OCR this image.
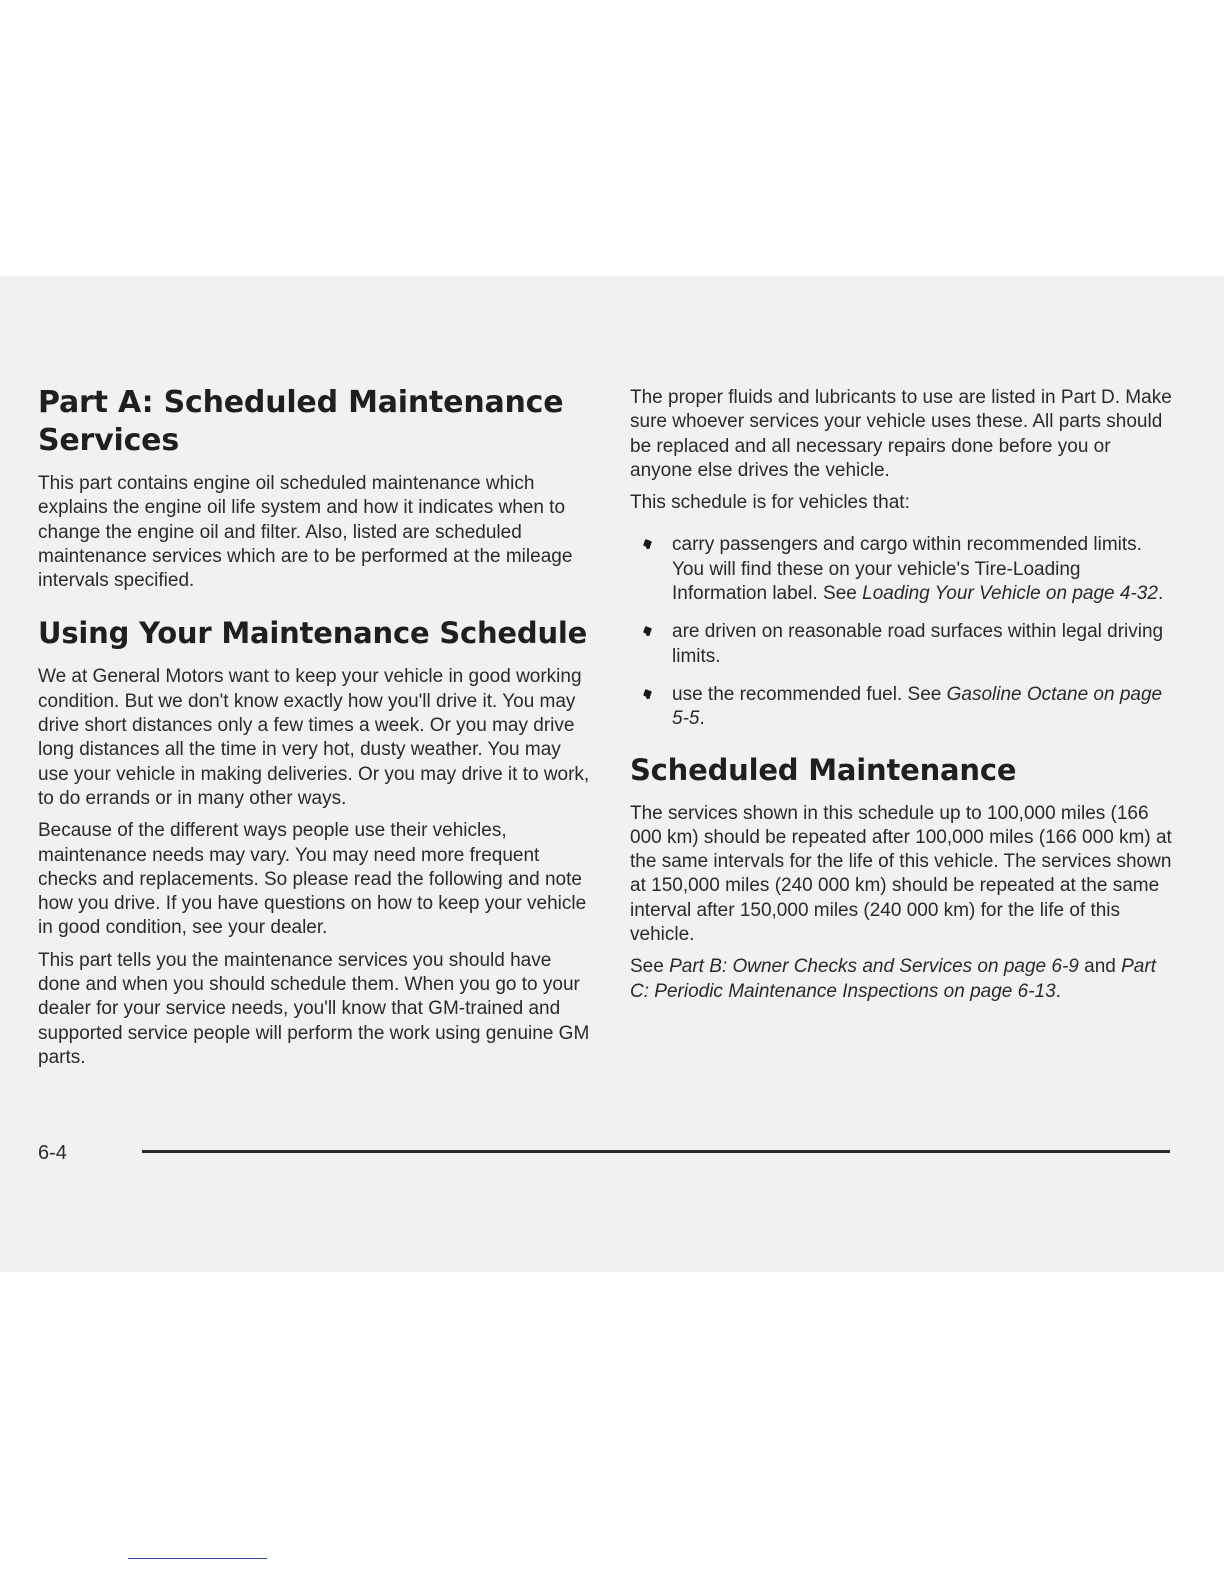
Part A: Scheduled Maintenance Services

This part contains engine oil scheduled maintenance which explains the engine oil life system and how it indicates when to change the engine oil and filter. Also, listed are scheduled maintenance services which are to be performed at the mileage intervals specified.

Using Your Maintenance Schedule

We at General Motors want to keep your vehicle in good working condition. But we don't know exactly how you'll drive it. You may drive short distances only a few times a week. Or you may drive long distances all the time in very hot, dusty weather. You may use your vehicle in making deliveries. Or you may drive it to work, to do errands or in many other ways.

Because of the different ways people use their vehicles, maintenance needs may vary. You may need more frequent checks and replacements. So please read the following and note how you drive. If you have questions on how to keep your vehicle in good condition, see your dealer.

This part tells you the maintenance services you should have done and when you should schedule them. When you go to your dealer for your service needs, you'll know that GM-trained and supported service people will perform the work using genuine GM parts.

The proper fluids and lubricants to use are listed in Part D. Make sure whoever services your vehicle uses these. All parts should be replaced and all necessary repairs done before you or anyone else drives the vehicle.

This schedule is for vehicles that:

carry passengers and cargo within recommended limits. You will find these on your vehicle's Tire-Loading Information label. See Loading Your Vehicle on page 4-32.
are driven on reasonable road surfaces within legal driving limits.
use the recommended fuel. See Gasoline Octane on page 5-5.
Scheduled Maintenance

The services shown in this schedule up to 100,000 miles (166 000 km) should be repeated after 100,000 miles (166 000 km) at the same intervals for the life of this vehicle. The services shown at 150,000 miles (240 000 km) should be repeated at the same interval after 150,000 miles (240 000 km) for the life of this vehicle.

See Part B: Owner Checks and Services on page 6-9 and Part C: Periodic Maintenance Inspections on page 6-13.

6-4
